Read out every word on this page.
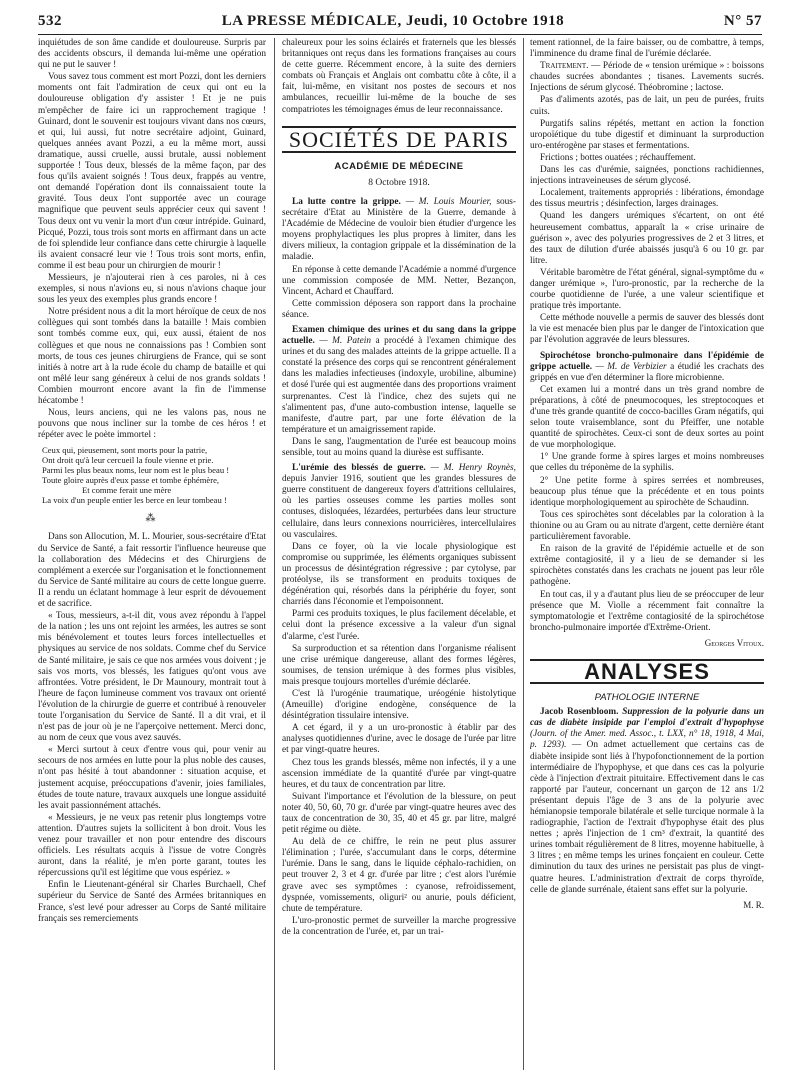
532	LA PRESSE MÉDICALE, Jeudi, 10 Octobre 1918	N° 57

inquiétudes de son âme candide et douloureuse. Surpris par des accidents obscurs, il demanda lui-même une opération qui ne put le sauver !

Vous savez tous comment est mort Pozzi, dont les derniers moments ont fait l'admiration de ceux qui ont eu la douloureuse obligation d'y assister ! Et je ne puis m'empêcher de faire ici un rapprochement tragique ! Guinard, dont le souvenir est toujours vivant dans nos cœurs, et qui, lui aussi, fut notre secrétaire adjoint, Guinard, quelques années avant Pozzi, a eu la même mort, aussi dramatique, aussi cruelle, aussi brutale, aussi noblement supportée ! Tous deux, blessés de la même façon, par des fous qu'ils avaient soignés ! Tous deux, frappés au ventre, ont demandé l'opération dont ils connaissaient toute la gravité. Tous deux l'ont supportée avec un courage magnifique que peuvent seuls apprécier ceux qui savent ! Tous deux ont vu venir la mort d'un cœur intrépide. Guinard, Picqué, Pozzi, tous trois sont morts en affirmant dans un acte de foi splendide leur confiance dans cette chirurgie à laquelle ils avaient consacré leur vie ! Tous trois sont morts, enfin, comme il est beau pour un chirurgien de mourir !

Messieurs, je n'ajouterai rien à ces paroles, ni à ces exemples, si nous n'avions eu, si nous n'avions chaque jour sous les yeux des exemples plus grands encore !

Notre président nous a dit la mort héroïque de ceux de nos collègues qui sont tombés dans la bataille ! Mais combien sont tombés comme eux, qui, eux aussi, étaient de nos collègues et que nous ne connaissions pas ! Combien sont morts, de tous ces jeunes chirurgiens de France, qui se sont initiés à notre art à la rude école du champ de bataille et qui ont mêlé leur sang généreux à celui de nos grands soldats ! Combien mourront encore avant la fin de l'immense hécatombe !

Nous, leurs anciens, qui ne les valons pas, nous ne pouvons que nous incliner sur la tombe de ces héros ! et répéter avec le poète immortel :

Ceux qui, pieusement, sont morts pour la patrie,
Ont droit qu'à leur cercueil la foule vienne et prie.
Parmi les plus beaux noms, leur nom est le plus beau !
Toute gloire auprès d'eux passe et tombe éphémère,
Et comme ferait une mère
La voix d'un peuple entier les berce en leur tombeau !
⁂

Dans son Allocution, M. L. Mourier, sous-secrétaire d'Etat du Service de Santé, a fait ressortir l'influence heureuse que la collaboration des Médecins et des Chirurgiens de complément a exercée sur l'organisation et le fonctionnement du Service de Santé militaire au cours de cette longue guerre. Il a rendu un éclatant hommage à leur esprit de dévouement et de sacrifice.

« Tous, messieurs, a-t-il dit, vous avez répondu à l'appel de la nation ; les uns ont rejoint les armées, les autres se sont mis bénévolement et toutes leurs forces intellectuelles et physiques au service de nos soldats. Comme chef du Service de Santé militaire, je sais ce que nos armées vous doivent ; je sais vos morts, vos blessés, les fatigues qu'ont vous ave affrontées. Votre président, le Dr Maunoury, montrait tout à l'heure de façon lumineuse comment vos travaux ont orienté l'évolution de la chirurgie de guerre et contribué à renouveler toute l'organisation du Service de Santé. Il a dit vrai, et il n'est pas de jour où je ne l'aperçoive nettement. Merci donc, au nom de ceux que vous avez sauvés.

« Merci surtout à ceux d'entre vous qui, pour venir au secours de nos armées en lutte pour la plus noble des causes, n'ont pas hésité à tout abandonner : situation acquise, et justement acquise, préoccupations d'avenir, joies familiales, études de toute nature, travaux auxquels une longue assiduité les avait passionnément attachés.

« Messieurs, je ne veux pas retenir plus longtemps votre attention. D'autres sujets la sollicitent à bon droit. Vous les venez pour travailler et non pour entendre des discours officiels. Les résultats acquis à l'issue de votre Congrès auront, dans la réalité, je m'en porte garant, toutes les répercussions qu'il est légitime que vous espériez. »

Enfin le Lieutenant-général sir Charles Burchaell, Chef supérieur du Service de Santé des Armées britanniques en France, s'est levé pour adresser au Corps de Santé militaire français ses remerciements

chaleureux pour les soins éclairés et fraternels que les blessés britanniques ont reçus dans les formations françaises au cours de cette guerre. Récemment encore, à la suite des derniers combats où Français et Anglais ont combattu côte à côte, il a fait, lui-même, en visitant nos postes de secours et nos ambulances, recueillir lui-même de la bouche de ses compatriotes les témoignages émus de leur reconnaissance.

SOCIÉTÉS DE PARIS
ACADÉMIE DE MÉDECINE
8 Octobre 1918.

La lutte contre la grippe. — M. Louis Mourier, sous-secrétaire d'Etat au Ministère de la Guerre, demande à l'Académie de Médecine de vouloir bien étudier d'urgence les moyens prophylactiques les plus propres à limiter, dans les divers milieux, la contagion grippale et la dissémination de la maladie.

En réponse à cette demande l'Académie a nommé d'urgence une commission composée de MM. Netter, Bezançon, Vincent, Achard et Chauffard.

Cette commission déposera son rapport dans la prochaine séance.

Examen chimique des urines et du sang dans la grippe actuelle. — M. Patein a procédé à l'examen chimique des urines et du sang des malades atteints de la grippe actuelle. Il a constaté la présence des corps qui se rencontrent généralement dans les maladies infectieuses (indoxyle, urobiline, albumine) et dosé l'urée qui est augmentée dans des proportions vraiment surprenantes. C'est là l'indice, chez des sujets qui ne s'alimentent pas, d'une auto-combustion intense, laquelle se manifeste, d'autre part, par une forte élévation de la température et un amaigrissement rapide.

Dans le sang, l'augmentation de l'urée est beaucoup moins sensible, tout au moins quand la diurèse est suffisante.

L'urémie des blessés de guerre. — M. Henry Roynès, depuis Janvier 1916, soutient que les grandes blessures de guerre constituent de dangereux foyers d'attritions cellulaires, où les parties osseuses comme les parties molles sont contuses, disloquées, lézardées, perturbées dans leur structure cellulaire, dans leurs connexions nourricières, intercellulaires ou vasculaires.

Dans ce foyer, où la vie locale physiologique est compromise ou supprimée, les éléments organiques subissent un processus de désintégration régressive ; par cytolyse, par protéolyse, ils se transforment en produits toxiques de dégénération qui, résorbés dans la périphérie du foyer, sont charriés dans l'économie et l'empoisonnent.

Parmi ces produits toxiques, le plus facilement décelable, et celui dont la présence excessive a la valeur d'un signal d'alarme, c'est l'urée.

Sa surproduction et sa rétention dans l'organisme réalisent une crise urémique dangereuse, allant des formes légères, soumises, de tension urémique à des formes plus visibles, mais presque toujours mortelles d'urémie déclarée.

C'est là l'urogénie traumatique, uréogénie histolytique (Ameuille) d'origine endogène, conséquence de la désintégration tissulaire intensive.

A cet égard, il y a un uro-pronostic à établir par des analyses quotidiennes d'urine, avec le dosage de l'urée par litre et par vingt-quatre heures.

Chez tous les grands blessés, même non infectés, il y a une ascension immédiate de la quantité d'urée par vingt-quatre heures, et du taux de concentration par litre.

Suivant l'importance et l'évolution de la blessure, on peut noter 40, 50, 60, 70 gr. d'urée par vingt-quatre heures avec des taux de concentration de 30, 35, 40 et 45 gr. par litre, malgré petit régime ou diète.

Au delà de ce chiffre, le rein ne peut plus assurer l'élimination ; l'urée, s'accumulant dans le corps, détermine l'urémie. Dans le sang, dans le liquide céphalo-rachidien, on peut trouver 2, 3 et 4 gr. d'urée par litre ; c'est alors l'urémie grave avec ses symptômes : cyanose, refroidissement, dyspnée, vomissements, oliguri² ou anurie, pouls déficient, chute de température.

L'uro-pronostic permet de surveiller la marche progressive de la concentration de l'urée, et, par un trai-

tement rationnel, de la faire baisser, ou de combattre, à temps, l'imminence du drame final de l'urémie déclarée.

Traitement. — Période de « tension urémique » : boissons chaudes sucrées abondantes ; tisanes. Lavements sucrés. Injections de sérum glycosé. Théobromine ; lactose.

Pas d'aliments azotés, pas de lait, un peu de purées, fruits cuits.

Purgatifs salins répétés, mettant en action la fonction uropoïétique du tube digestif et diminuant la surproduction uro-entérogène par stases et fermentations.

Frictions ; bottes ouatées ; réchauffement.

Dans les cas d'urémie, saignées, ponctions rachidiennes, injections intraveineuses de sérum glycosé.

Localement, traitements appropriés : libérations, émondage des tissus meurtris ; désinfection, larges drainages.

Quand les dangers urémiques s'écartent, on ont été heureusement combattus, apparaît la « crise urinaire de guérison », avec des polyuries progressives de 2 et 3 litres, et des taux de dilution d'urée abaissés jusqu'à 6 ou 10 gr. par litre.

Véritable baromètre de l'état général, signal-symptôme du « danger urémique », l'uro-pronostic, par la recherche de la courbe quotidienne de l'urée, a une valeur scientifique et pratique très importante.

Cette méthode nouvelle a permis de sauver des blessés dont la vie est menacée bien plus par le danger de l'intoxication que par l'évolution aggravée de leurs blessures.

Spirochétose broncho-pulmonaire dans l'épidémie de grippe actuelle. — M. de Verbizier a étudié les crachats des grippés en vue d'en déterminer la flore microbienne.

Cet examen lui a montré dans un très grand nombre de préparations, à côté de pneumocoques, les streptocoques et d'une très grande quantité de cocco-bacilles Gram négatifs, qui selon toute vraisemblance, sont du Pfeiffer, une notable quantité de spirochètes. Ceux-ci sont de deux sortes au point de vue morphologique.

1° Une grande forme à spires larges et moins nombreuses que celles du tréponème de la syphilis.

2° Une petite forme à spires serrées et nombreuses, beaucoup plus ténue que la précédente et en tous points identique morphologiquement au spirochète de Schaudinn.

Tous ces spirochètes sont décelables par la coloration à la thionine ou au Gram ou au nitrate d'argent, cette dernière étant particulièrement favorable.

En raison de la gravité de l'épidémie actuelle et de son extrême contagiosité, il y a lieu de se demander si les spirochètes constatés dans les crachats ne jouent pas leur rôle pathogène.

En tout cas, il y a d'autant plus lieu de se préoccuper de leur présence que M. Violle a récemment fait connaître la symptomatologie et l'extrême contagiosité de la spirochétose broncho-pulmonaire importée d'Extrême-Orient.

Georges Vitoux.
ANALYSES
PATHOLOGIE INTERNE

Jacob Rosenbloom. Suppression de la polyurie dans un cas de diabète insipide par l'emploi d'extrait d'hypophyse (Journ. of the Amer. med. Assoc., t. LXX, n° 18, 1918, 4 Mai, p. 1293). — On admet actuellement que certains cas de diabète insipide sont liés à l'hypofonctionnement de la portion intermédiaire de l'hypophyse, et que dans ces cas la polyurie cède à l'injection d'extrait pituitaire. Effectivement dans le cas rapporté par l'auteur, concernant un garçon de 12 ans 1/2 présentant depuis l'âge de 3 ans de la polyurie avec hémianopsie temporale bilatérale et selle turcique normale à la radiographie, l'action de l'extrait d'hypophyse était des plus nettes ; après l'injection de 1 cm³ d'extrait, la quantité des urines tombait régulièrement de 8 litres, moyenne habituelle, à 3 litres ; en même temps les urines fonçaient en couleur. Cette diminution du taux des urines ne persistait pas plus de vingt-quatre heures. L'administration d'extrait de corps thyroïde, celle de glande surrénale, étaient sans effet sur la polyurie.

M. R.
